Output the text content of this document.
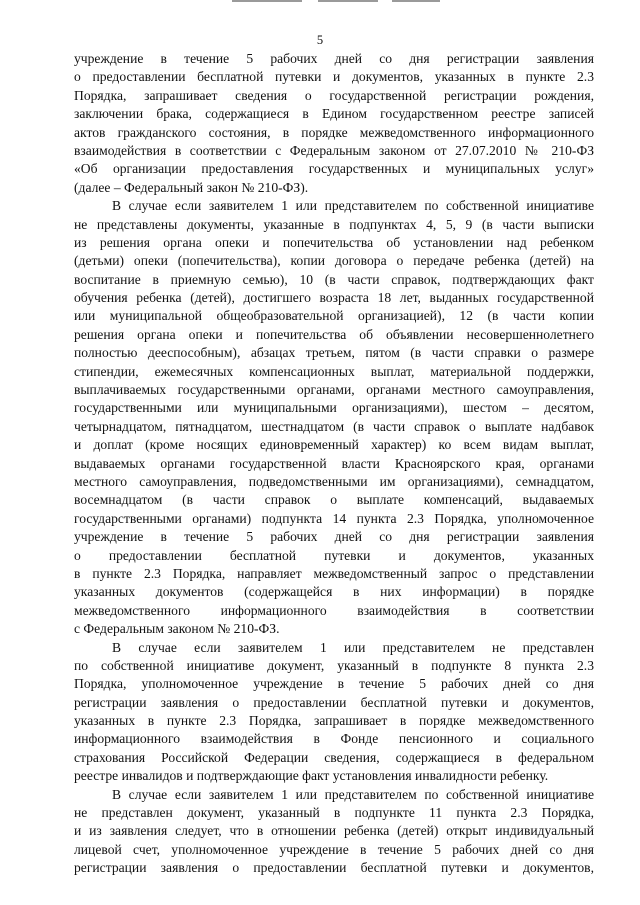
5

учреждение в течение 5 рабочих дней со дня регистрации заявления
о предоставлении бесплатной путевки и документов, указанных в пункте 2.3
Порядка, запрашивает сведения о государственной регистрации рождения,
заключении брака, содержащиеся в Едином государственном реестре записей
актов гражданского состояния, в порядке межведомственного информационного
взаимодействия в соответствии с Федеральным законом от 27.07.2010 № 210-ФЗ
«Об организации предоставления государственных и муниципальных услуг»
(далее – Федеральный закон № 210-ФЗ).

В случае если заявителем 1 или представителем по собственной инициативе
не представлены документы, указанные в подпунктах 4, 5, 9 (в части выписки
из решения органа опеки и попечительства об установлении над ребенком
(детьми) опеки (попечительства), копии договора о передаче ребенка (детей) на
воспитание в приемную семью), 10 (в части справок, подтверждающих факт
обучения ребенка (детей), достигшего возраста 18 лет, выданных государственной
или муниципальной общеобразовательной организацией), 12 (в части копии
решения органа опеки и попечительства об объявлении несовершеннолетнего
полностью дееспособным), абзацах третьем, пятом (в части справки о размере
стипендии, ежемесячных компенсационных выплат, материальной поддержки,
выплачиваемых государственными органами, органами местного самоуправления,
государственными или муниципальными организациями), шестом – десятом,
четырнадцатом, пятнадцатом, шестнадцатом (в части справок о выплате надбавок
и доплат (кроме носящих единовременный характер) ко всем видам выплат,
выдаваемых органами государственной власти Красноярского края, органами
местного самоуправления, подведомственными им организациями), семнадцатом,
восемнадцатом (в части справок о выплате компенсаций, выдаваемых
государственными органами) подпункта 14 пункта 2.3 Порядка, уполномоченное
учреждение в течение 5 рабочих дней со дня регистрации заявления
о предоставлении бесплатной путевки и документов, указанных
в пункте 2.3 Порядка, направляет межведомственный запрос о представлении
указанных документов (содержащейся в них информации) в порядке
межведомственного информационного взаимодействия в соответствии
с Федеральным законом № 210-ФЗ.

В случае если заявителем 1 или представителем не представлен
по собственной инициативе документ, указанный в подпункте 8 пункта 2.3
Порядка, уполномоченное учреждение в течение 5 рабочих дней со дня
регистрации заявления о предоставлении бесплатной путевки и документов,
указанных в пункте 2.3 Порядка, запрашивает в порядке межведомственного
информационного взаимодействия в Фонде пенсионного и социального
страхования Российской Федерации сведения, содержащиеся в федеральном
реестре инвалидов и подтверждающие факт установления инвалидности ребенку.

В случае если заявителем 1 или представителем по собственной инициативе
не представлен документ, указанный в подпункте 11 пункта 2.3 Порядка,
и из заявления следует, что в отношении ребенка (детей) открыт индивидуальный
лицевой счет, уполномоченное учреждение в течение 5 рабочих дней со дня
регистрации заявления о предоставлении бесплатной путевки и документов,
